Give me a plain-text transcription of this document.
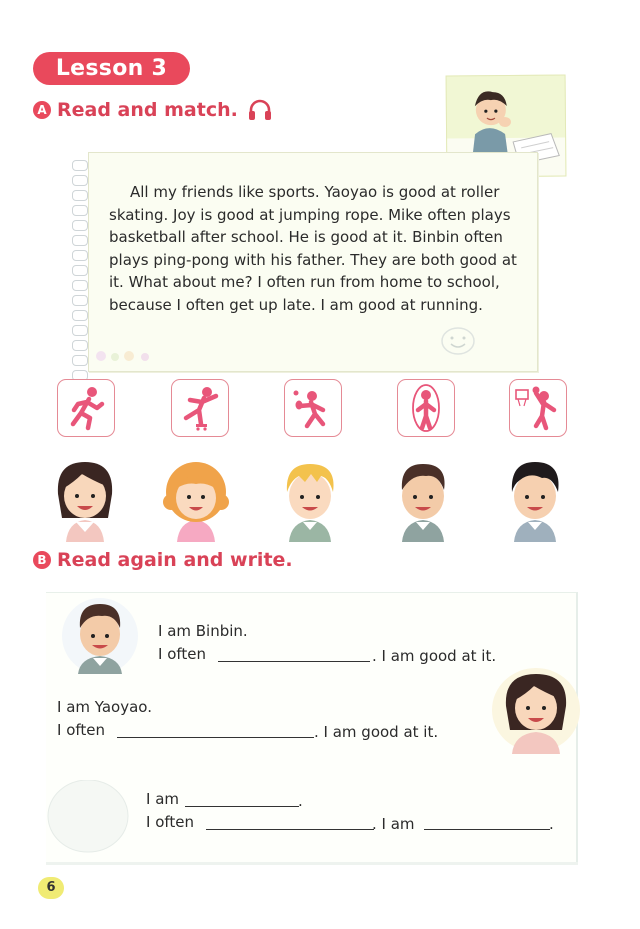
Lesson 3
A Read and match.

All my friends like sports. Yaoyao is good at roller

skating. Joy is good at jumping rope. Mike often plays
basketball after school. He is good at it. Binbin often
plays ping-pong with his father. They are both good at
it. What about me? I often run from home to school,
because I often get up late. I am good at running.
B Read again and write.
I am Binbin.
I often	. I am good at it.
I am Yaoyao.
I often	. I am good at it.
I am	.
I often	. I am	.
6
